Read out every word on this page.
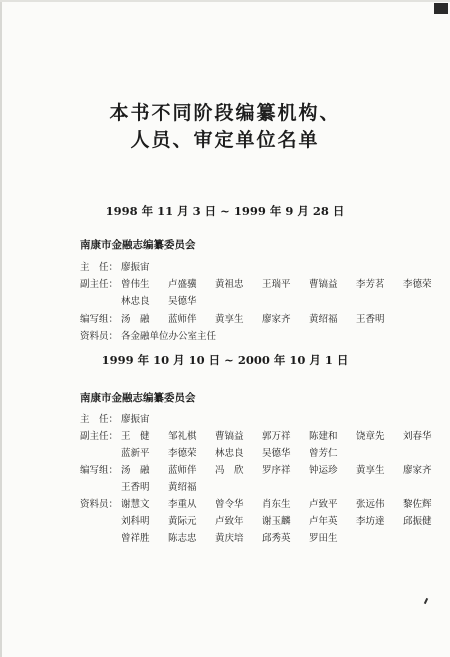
本书不同阶段编纂机构、
人员、审定单位名单
1998 年 11 月 3 日 ~ 1999 年 9 月 28 日
南康市金融志编纂委员会
主　任： 廖振宙
副主任： 曾伟生 卢盛骥 黄祖忠 王瑞平 曹镐益 李芳茗 李德荣林忠良 吴德华
编写组： 汤　融 蓝师伴 黄享生 廖家齐 黄绍福 王香明
资料员： 各金融单位办公室主任
1999 年 10 月 10 日 ~ 2000 年 10 月 1 日
南康市金融志编纂委员会
主　任： 廖振宙
副主任： 王　健 邹礼棋 曹镐益 郭万祥 陈建和 饶章先 刘春华蓝新平 李德荣 林忠良 吴德华 曾芳仁
编写组： 汤　融 蓝师伴 冯　欣 罗序祥 钟运珍 黄享生 廖家齐王香明 黄绍福
资料员： 谢慧文 李重从 曾令华 肖东生 卢致平 张远伟 黎佐辉刘科明 黄际元 卢致年 谢玉麟 卢年英 李坊達 邱振健曾祥胜 陈志忠 黄庆培 邱秀英 罗田生
